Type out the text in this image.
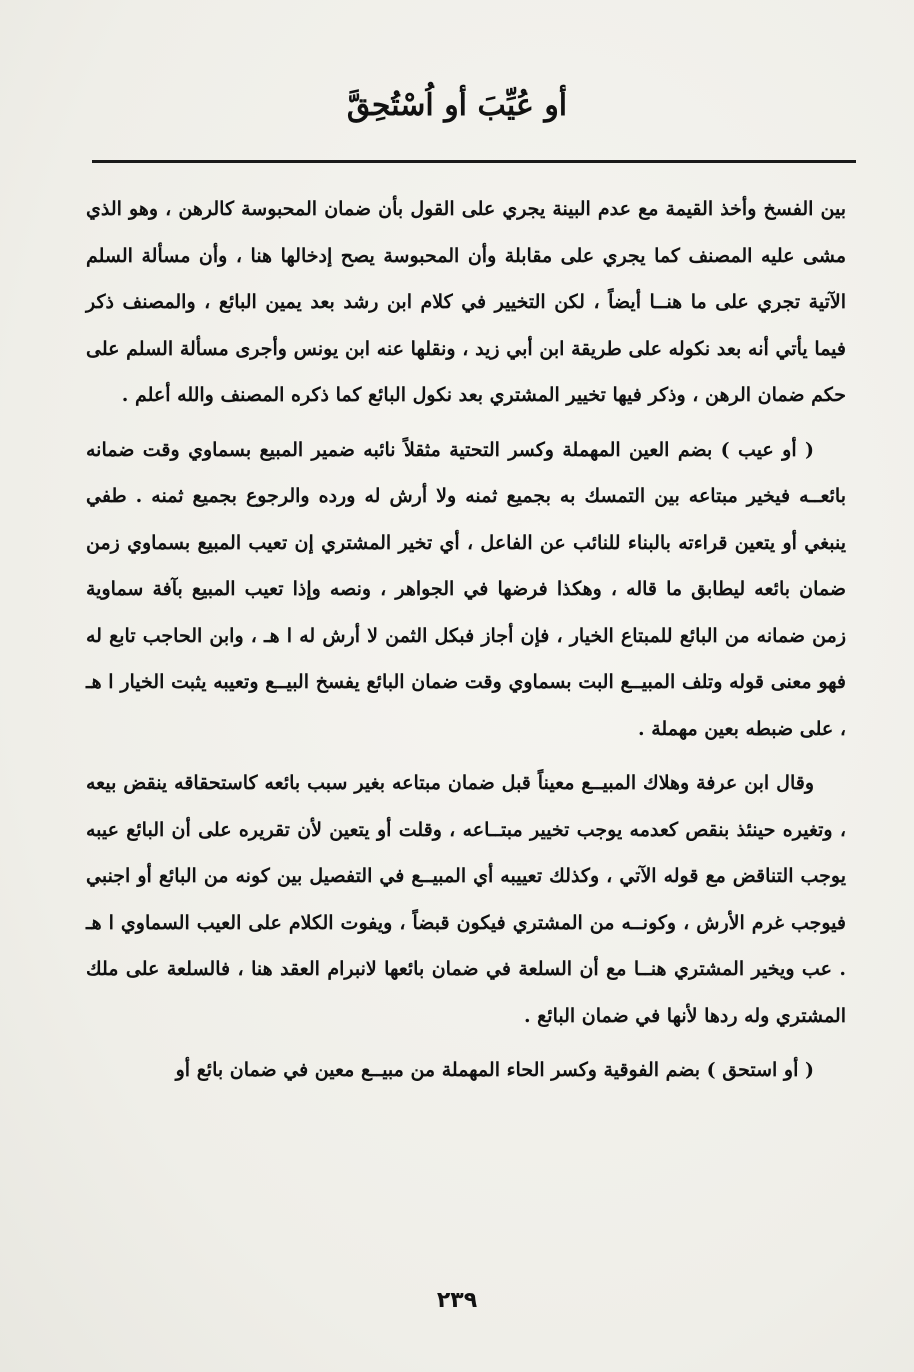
أو عُيِّبَ أو اُسْتُحِقَّ

بين الفسخ وأخذ القيمة مع عدم البينة يجري على القول بأن ضمان المحبوسة كالرهن ، وهو الذي مشى عليه المصنف كما يجري على مقابلة وأن المحبوسة يصح إدخالها هنا ، وأن مسألة السلم الآتية تجري على ما هنــا أيضاً ، لكن التخيير في كلام ابن رشد بعد يمين البائع ، والمصنف ذكر فيما يأتي أنه بعد نكوله على طريقة ابن أبي زيد ، ونقلها عنه ابن يونس وأجرى مسألة السلم على حكم ضمان الرهن ، وذكر فيها تخيير المشتري بعد نكول البائع كما ذكره المصنف والله أعلم .

( أو عيب ) بضم العين المهملة وكسر التحتية مثقلاً نائبه ضمير المبيع بسماوي وقت ضمانه بائعــه فيخير مبتاعه بين التمسك به بجميع ثمنه ولا أرش له ورده والرجوع بجميع ثمنه . طفي ينبغي أو يتعين قراءته بالبناء للنائب عن الفاعل ، أي تخير المشتري إن تعيب المبيع بسماوي زمن ضمان بائعه ليطابق ما قاله ، وهكذا فرضها في الجواهر ، ونصه وإذا تعيب المبيع بآفة سماوية زمن ضمانه من البائع للمبتاع الخيار ، فإن أجاز فبكل الثمن لا أرش له ا هـ ، وابن الحاجب تابع له فهو معنى قوله وتلف المبيــع البت بسماوي وقت ضمان البائع يفسخ البيــع وتعيبه يثبت الخيار ا هـ ، على ضبطه بعين مهملة .

وقال ابن عرفة وهلاك المبيــع معيناً قبل ضمان مبتاعه بغير سبب بائعه كاستحقاقه ينقض بيعه ، وتغيره حينئذ بنقص كعدمه يوجب تخيير مبتــاعه ، وقلت أو يتعين لأن تقريره على أن البائع عيبه يوجب التناقض مع قوله الآتي ، وكذلك تعييبه أي المبيــع في التفصيل بين كونه من البائع أو اجنبي فيوجب غرم الأرش ، وكونــه من المشتري فيكون قبضاً ، ويفوت الكلام على العيب السماوي ا هـ . عب ويخير المشتري هنــا مع أن السلعة في ضمان بائعها لانبرام العقد هنا ، فالسلعة على ملك المشتري وله ردها لأنها في ضمان البائع .

( أو استحق ) بضم الفوقية وكسر الحاء المهملة من مبيــع معين في ضمان بائع أو

٢٣٩
